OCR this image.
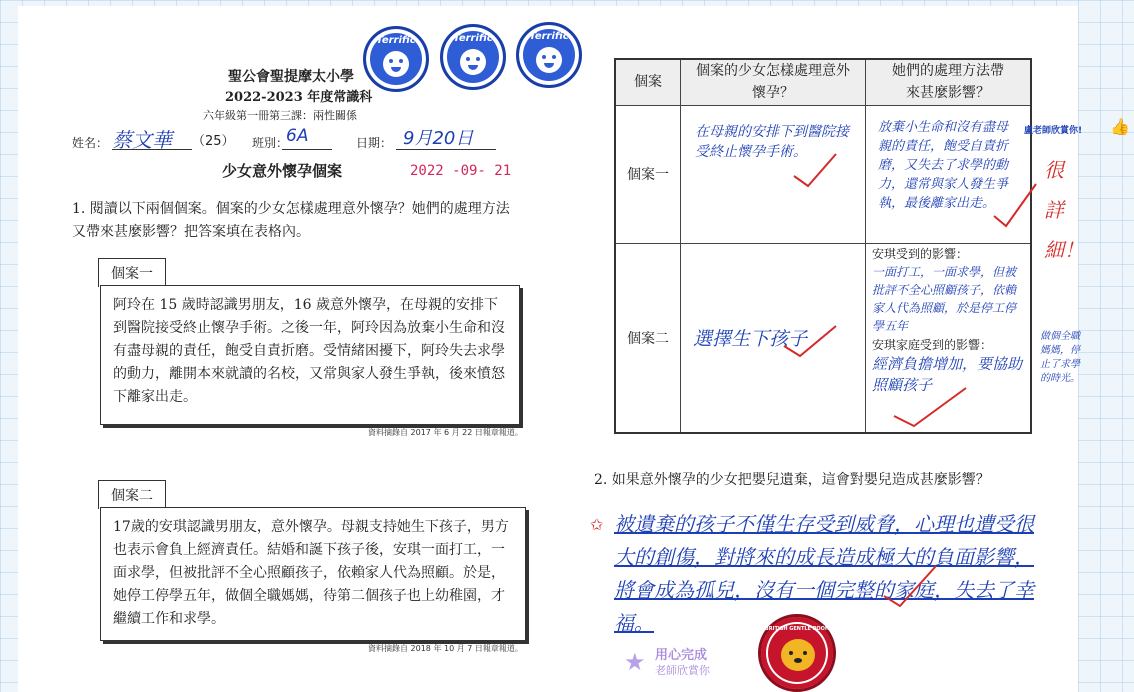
Terrific	Terrific	Terrific
聖公會聖提摩太小學
2022-2023 年度常識科
六年級第一冊第三課：兩性關係
姓名： 蔡文華 （25） 班別：
6A	日期： 9月20日
少女意外懷孕個案	2022 -09- 21
1. 閱讀以下兩個個案。個案的少女怎樣處理意外懷孕？她們的處理方法又帶來甚麼影響？把答案填在表格內。
個案一
阿玲在 15 歲時認識男朋友，16 歲意外懷孕，在母親的安排下到醫院接受終止懷孕手術。之後一年，阿玲因為放棄小生命和沒有盡母親的責任，飽受自責折磨。受情緒困擾下，阿玲失去求學的動力，離開本來就讀的名校，又常與家人發生爭執，後來憤怒下離家出走。
資料摘錄自 2017 年 6 月 22 日報章報道。
個案二
17歲的安琪認識男朋友，意外懷孕。母親支持她生下孩子，男方也表示會負上經濟責任。結婚和誕下孩子後，安琪一面打工，一面求學，但被批評不全心照顧孩子，依賴家人代為照顧。於是，她停工停學五年，做個全職媽媽，待第二個孩子也上幼稚園，才繼續工作和求學。
資料摘錄自 2018 年 10 月 7 日報章報道。
個案	個案的少女怎樣處理意外懷孕？	她們的處理方法帶來甚麼影響？
個案一	在母親的安排下到醫院接受終止懷孕手術。	放棄小生命和沒有盡母親的責任，飽受自責折磨，又失去了求學的動力，還常與家人發生爭執，最後離家出走。
個案二	選擇生下孩子	安琪受到的影響：
一面打工，一面求學，但被批評不全心照顧孩子，依賴家人代為照顧，於是停工停學五年
安琪家庭受到的影響：
經濟負擔增加，要協助照顧孩子
盧老師欣賞你! 👍
很詳細！
做個全職媽媽，停止了求學的時光。
2. 如果意外懷孕的少女把嬰兒遺棄，這會對嬰兒造成甚麼影響？
✩ 被遺棄的孩子不僅生存受到威脅，心理也遭受很大的創傷，對將來的成長造成極大的負面影響，將會成為孤兒，沒有一個完整的家庭，失去了幸福。
★ 用心完成
老師欣賞你
BRITISH GENTLE POOH
